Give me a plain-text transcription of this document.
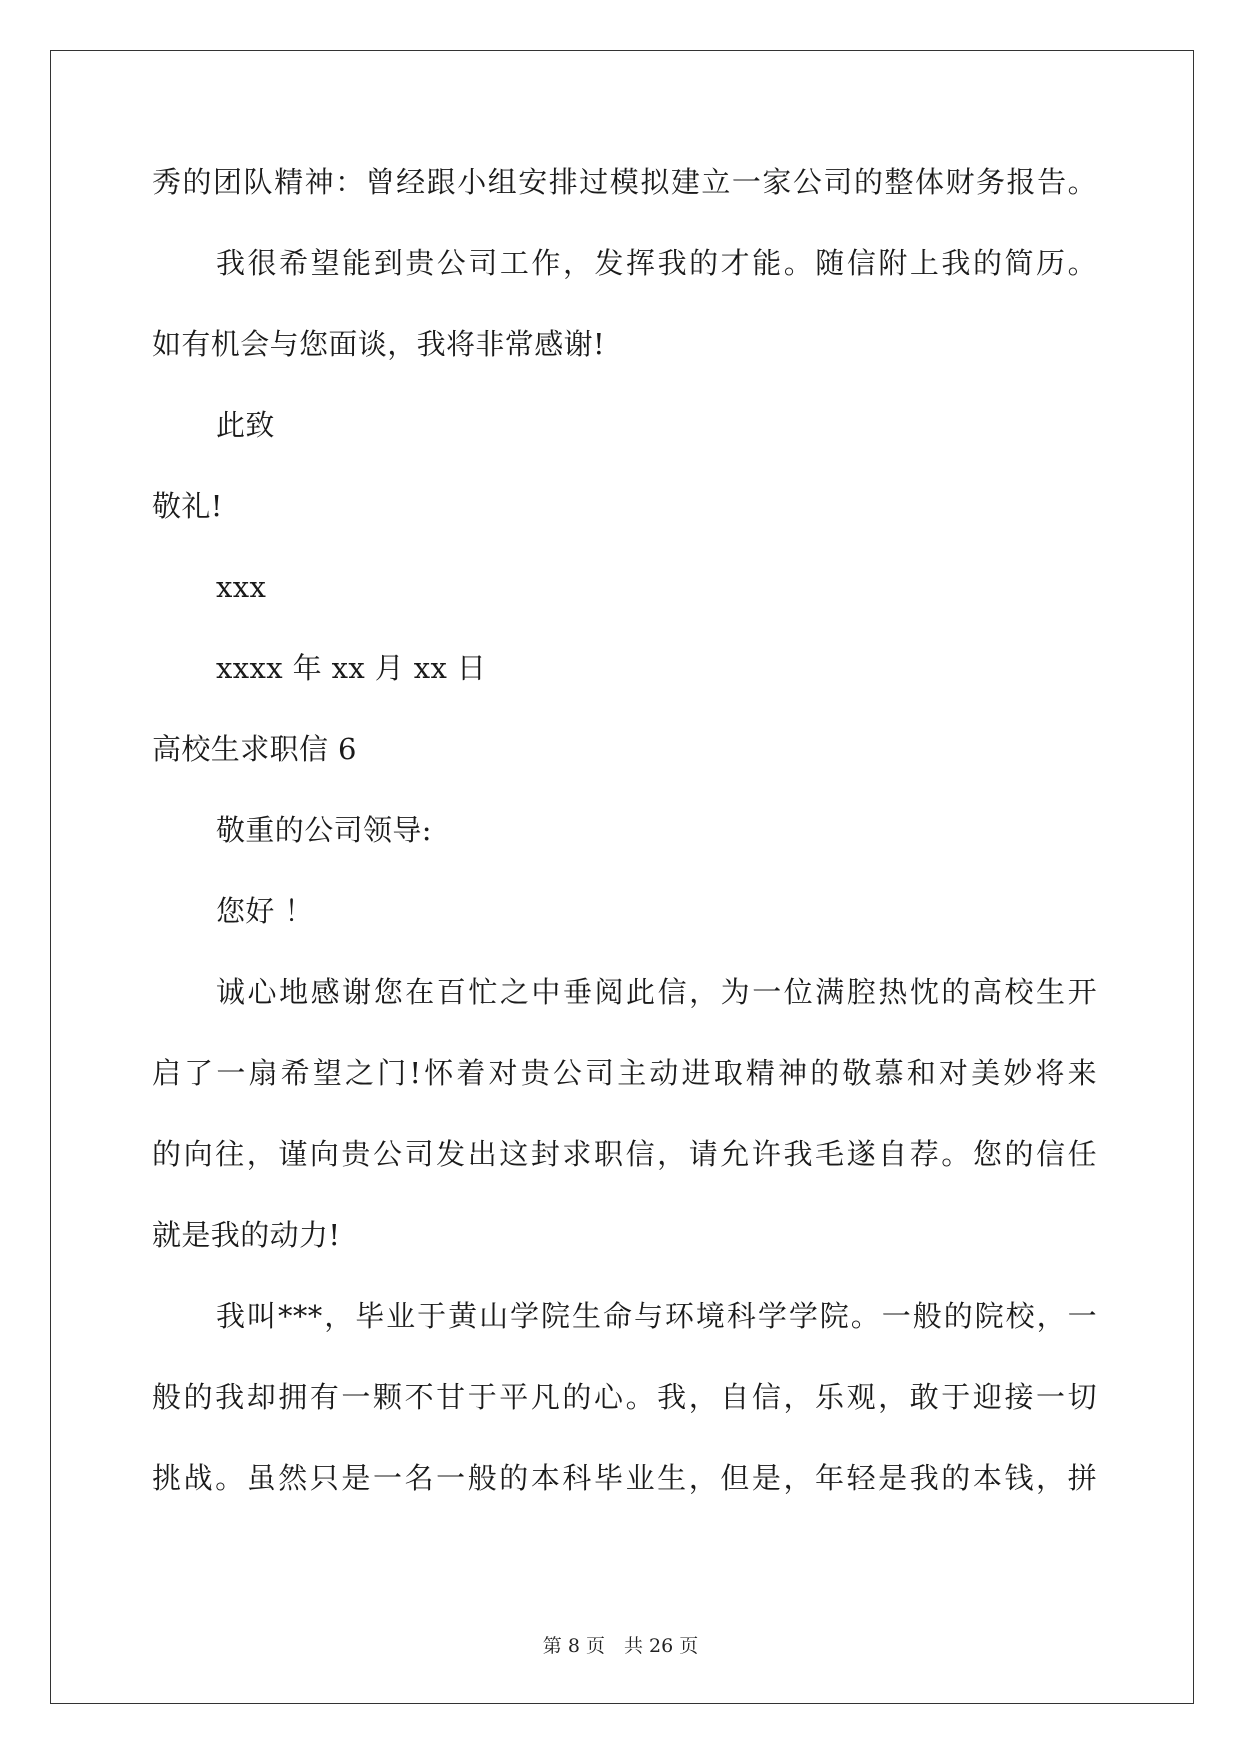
秀的团队精神：曾经跟小组安排过模拟建立一家公司的整体财务报告。
我很希望能到贵公司工作，发挥我的才能。随信附上我的简历。
如有机会与您面谈，我将非常感谢!
此致
敬礼!
xxx
xxxx 年 xx 月 xx 日
高校生求职信 6
敬重的公司领导:
您好 ！
诚心地感谢您在百忙之中垂阅此信，为一位满腔热忱的高校生开
启了一扇希望之门!怀着对贵公司主动进取精神的敬慕和对美妙将来
的向往，谨向贵公司发出这封求职信，请允许我毛遂自荐。您的信任
就是我的动力!
我叫***，毕业于黄山学院生命与环境科学学院。一般的院校，一
般的我却拥有一颗不甘于平凡的心。我，自信，乐观，敢于迎接一切
挑战。虽然只是一名一般的本科毕业生，但是，年轻是我的本钱，拼
第 8 页　共 26 页
